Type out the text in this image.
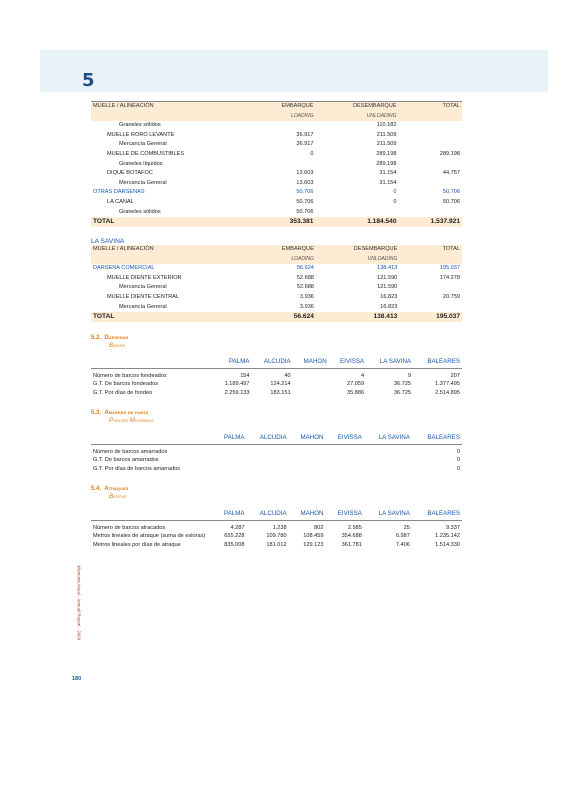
5
MUELLE / ALINEACIÓN	EMBARQUE	DESEMBARQUE	TOTAL
	LOADING	UNLOADING	
Graneles sólidos		110.182	
MUELLE RORO LEVANTE	36.917	211.509	
Mercancía General	36.917	211.509	
MUELLE DE COMBUSTIBLES	0	289.198	289.198
Graneles líquidos		289.198	
DIQUE BOTAFOC	13.603	31.154	44.757
Mercancía General	13.603	31.154	
OTRAS DARSENAS	50.706	0	50.706
LA CANAL	50.706	0	50.706
Graneles sólidos	50.706		
TOTAL	353.381	1.184.540	1.537.921
LA SAVINA
MUELLE / ALINEACIÓN	EMBARQUE	DESEMBARQUE	TOTAL
	LOADING	UNLOADING	
DARSENA COMERCIAL	56.624	138.413	195.037
MUELLE DIENTE EXTERIOR	52.688	121.590	174.278
Mercancía General	52.688	121.590	
MUELLE DIENTE CENTRAL	3.936	16.823	20.759
Mercancía General	3.936	16.823	
TOTAL	56.624	138.413	195.037
5.2. Dársenas
Basins
	PALMA	ALCUDIA	MAHON	EIVISSA	LA SAVINA	BALEARES
Número de barcos fondeados	154	40		4	9	207
G.T. De barcos fondeados	1.189.497	124.214		27.059	36.725	1.377.495
G.T. Por días de fondeo	2.259.133	183.151		35.886	36.725	2.514.895
5.3. Amarres de punta
Pointed Moorings
	PALMA	ALCUDIA	MAHON	EIVISSA	LA SAVINA	BALEARES
Número de barcos amarrados						0
G.T. De barcos amarrados						0
G.T. Por días de barcos amarrados						0
5.4. Atraques
Berths
	PALMA	ALCUDIA	MAHON	EIVISSA	LA SAVINA	BALEARES
Número de barcos atracados	4.287	1.238	802	2.985	25	9.337
Metros lineales de atraque (suma de esloras)	655.228	109.780	108.459	354.688	6.987	1.235.142
Metros lineales por días de atraque	835.008	181.012	129.123	361.781	7.406	1.514.330
Memoria Anual · Annual Report · 2004
180
